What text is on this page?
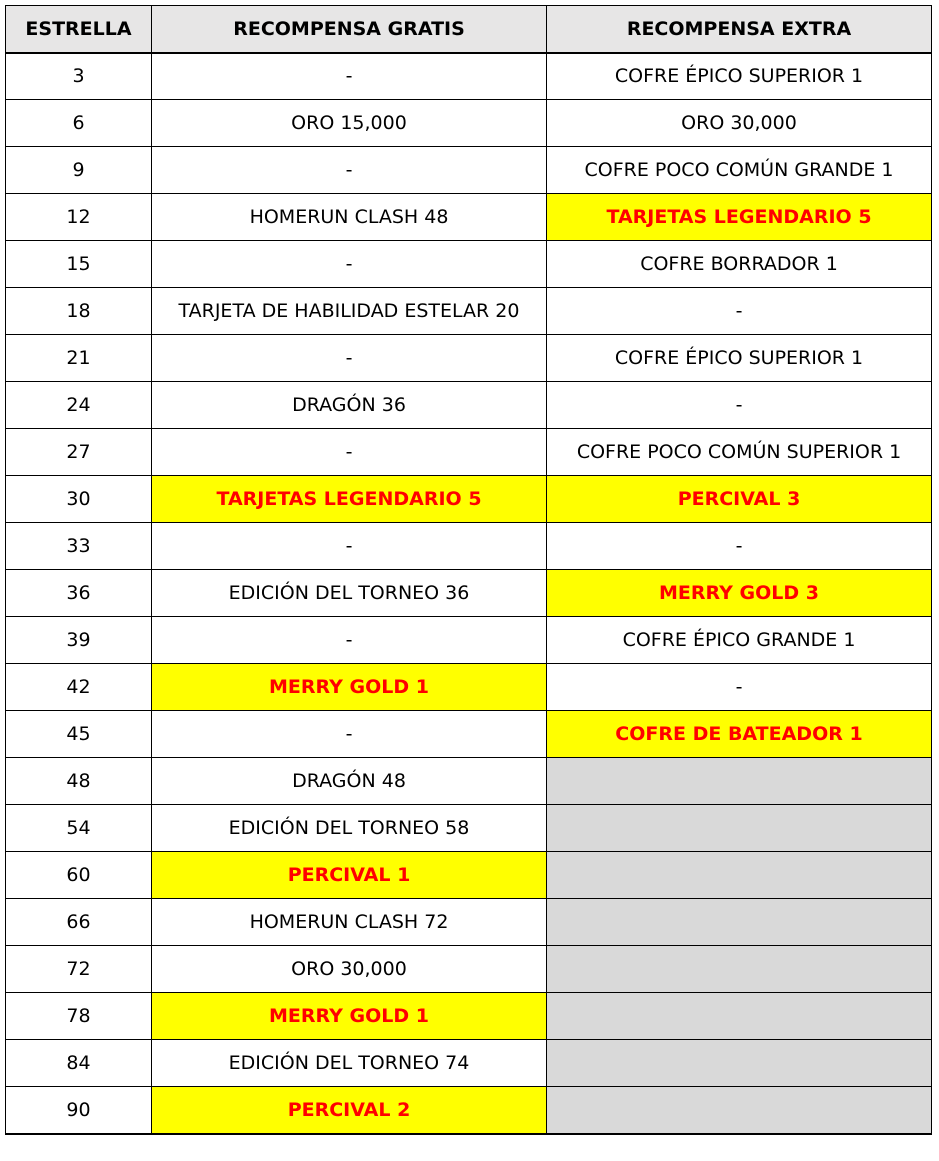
ESTRELLA	RECOMPENSA GRATIS	RECOMPENSA EXTRA
3	-	COFRE ÉPICO SUPERIOR 1
6	ORO 15,000	ORO 30,000
9	-	COFRE POCO COMÚN GRANDE 1
12	HOMERUN CLASH 48	TARJETAS LEGENDARIO 5
15	-	COFRE BORRADOR 1
18	TARJETA DE HABILIDAD ESTELAR 20	-
21	-	COFRE ÉPICO SUPERIOR 1
24	DRAGÓN 36	-
27	-	COFRE POCO COMÚN SUPERIOR 1
30	TARJETAS LEGENDARIO 5	PERCIVAL 3
33	-	-
36	EDICIÓN DEL TORNEO 36	MERRY GOLD 3
39	-	COFRE ÉPICO GRANDE 1
42	MERRY GOLD 1	-
45	-	COFRE DE BATEADOR 1
48	DRAGÓN 48	
54	EDICIÓN DEL TORNEO 58	
60	PERCIVAL 1	
66	HOMERUN CLASH 72	
72	ORO 30,000	
78	MERRY GOLD 1	
84	EDICIÓN DEL TORNEO 74	
90	PERCIVAL 2	
